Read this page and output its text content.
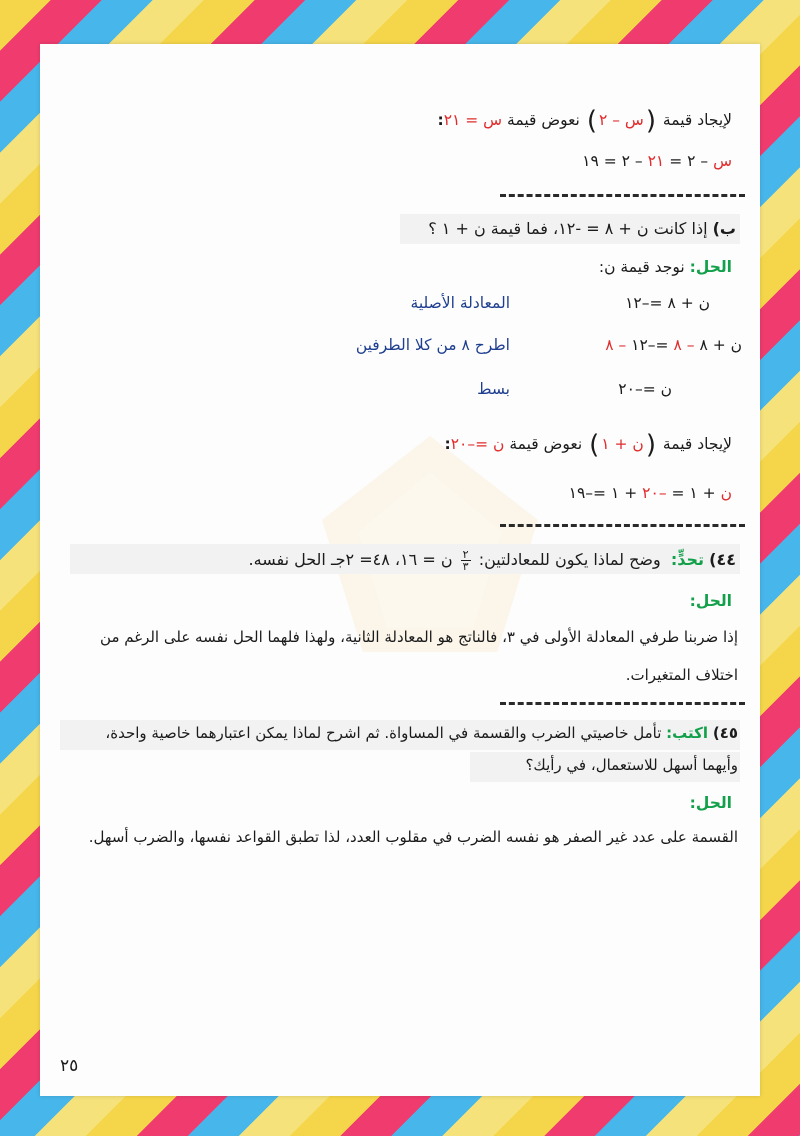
لإيجاد قيمة (س – ٢) نعوض قيمة س = ٢١:
س – ٢ = ٢١ – ٢ = ١٩
ب) إذا كانت ن + ٨ = -١٢، فما قيمة ن + ١ ؟
الحل: نوجد قيمة ن:
ن + ٨ =–١٢
المعادلة الأصلية
ن + ٨ – ٨ =–١٢ – ٨
اطرح ٨ من كلا الطرفين
ن =–٢٠
بسط
لإيجاد قيمة (ن + ١) نعوض قيمة ن =–٢٠:
ن + ١ = –٢٠ + ١ =–١٩
٤٤) تحدٍّ:  وضح لماذا يكون للمعادلتين:
$\frac{٢}{٣}$ ن = ١٦، ٤٨= ٢جـ الحل نفسه.
الحل:
إذا ضربنا طرفي المعادلة الأولى في ٣، فالناتج هو المعادلة الثانية، ولهذا فلهما الحل نفسه على الرغم من
اختلاف المتغيرات.
٤٥) اكتب: تأمل خاصيتي الضرب والقسمة في المساواة. ثم اشرح لماذا يمكن اعتبارهما خاصية واحدة،
وأيهما أسهل للاستعمال، في رأيك؟
الحل:
القسمة على عدد غير الصفر هو نفسه الضرب في مقلوب العدد، لذا تطبق القواعد نفسها، والضرب أسهل.
٢٥
